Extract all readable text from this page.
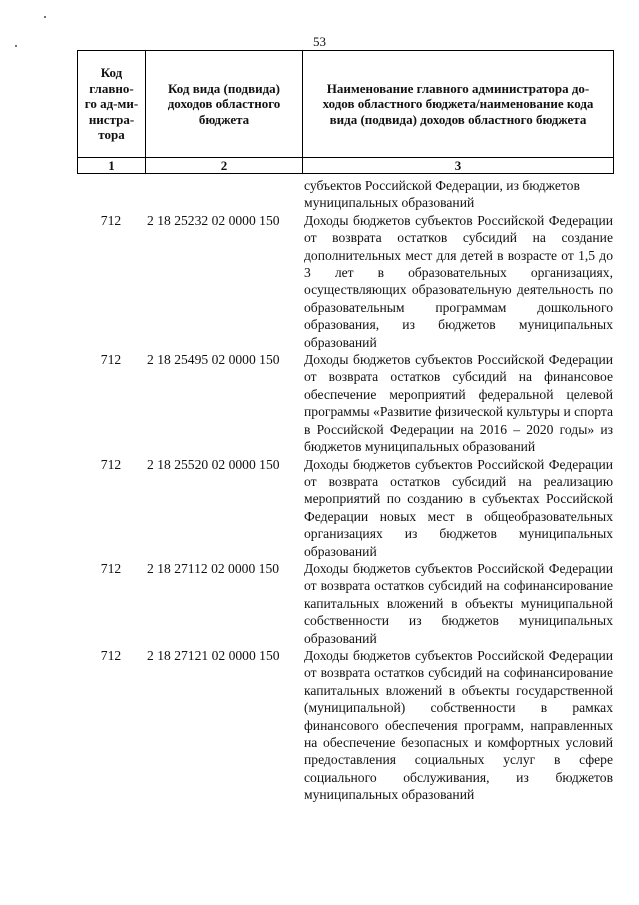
53
Код главно-го ад-ми-нистра-тора	Код вида (подвида) доходов областного бюджета	Наименование главного администратора до-ходов областного бюджета/наименование кода вида (подвида) доходов областного бюджета
1	2	3
субъектов Российской Федерации, из бюджетов муниципальных образований
712	2 18 25232 02 0000 150	Доходы бюджетов субъектов Российской Федерации от возврата остатков субсидий на создание дополнительных мест для детей в возрасте от 1,5 до 3 лет в образовательных организациях, осуществляющих образовательную деятельность по образовательным программам дошкольного образования, из бюджетов муниципальных образований
712	2 18 25495 02 0000 150	Доходы бюджетов субъектов Российской Федерации от возврата остатков субсидий на финансовое обеспечение мероприятий федеральной целевой программы «Развитие физической культуры и спорта в Российской Федерации на 2016 – 2020 годы» из бюджетов муниципальных образований
712	2 18 25520 02 0000 150	Доходы бюджетов субъектов Российской Федерации от возврата остатков субсидий на реализацию мероприятий по созданию в субъектах Российской Федерации новых мест в общеобразовательных организациях из бюджетов муниципальных образований
712	2 18 27112 02 0000 150	Доходы бюджетов субъектов Российской Федерации от возврата остатков субсидий на софинансирование капитальных вложений в объекты муниципальной собственности из бюджетов муниципальных образований
712	2 18 27121 02 0000 150	Доходы бюджетов субъектов Российской Федерации от возврата остатков субсидий на софинансирование капитальных вложений в объекты государственной (муниципальной) собственности в рамках финансового обеспечения программ, направленных на обеспечение безопасных и комфортных условий предоставления социальных услуг в сфере социального обслуживания, из бюджетов муниципальных образований
